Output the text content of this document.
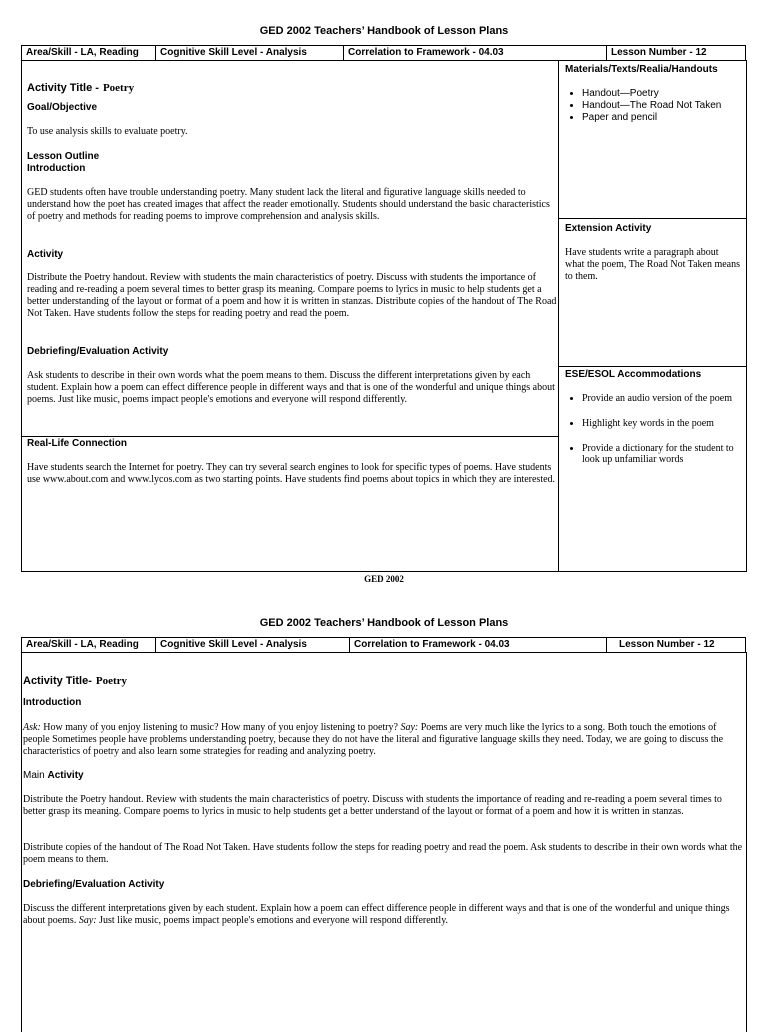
GED 2002 Teachers’ Handbook of Lesson Plans
Area/Skill - LA, Reading	Cognitive Skill Level - Analysis	Correlation to Framework - 04.03	Lesson Number - 12
Activity Title - Poetry
Goal/Objective
To use analysis skills to evaluate poetry.
Lesson Outline
Introduction
GED students often have trouble understanding poetry. Many student lack the literal and figurative language skills needed to understand how the poet has created images that affect the reader emotionally. Students should understand the basic characteristics of poetry and methods for reading poems to improve comprehension and analysis skills.
Activity
Distribute the Poetry handout. Review with students the main characteristics of poetry. Discuss with students the importance of reading and re-reading a poem several times to better grasp its meaning. Compare poems to lyrics in music to help students get a better understanding of the layout or format of a poem and how it is written in stanzas. Distribute copies of the handout of The Road Not Taken. Have students follow the steps for reading poetry and read the poem.
Debriefing/Evaluation Activity
Ask students to describe in their own words what the poem means to them. Discuss the different interpretations given by each student. Explain how a poem can effect difference people in different ways and that is one of the wonderful and unique things about poems. Just like music, poems impact people's emotions and everyone will respond differently.
Real-Life Connection
Have students search the Internet for poetry. They can try several search engines to look for specific types of poems. Have students use www.about.com and www.lycos.com as two starting points. Have students find poems about topics in which they are interested.
Materials/Texts/Realia/Handouts
• Handout—Poetry
• Handout—The Road Not Taken
• Paper and pencil
Extension Activity
Have students write a paragraph about what the poem, The Road Not Taken means to them.
ESE/ESOL Accommodations
• Provide an audio version of the poem
• Highlight key words in the poem
• Provide a dictionary for the student to look up unfamiliar words
GED 2002
GED 2002 Teachers’ Handbook of Lesson Plans
Area/Skill - LA, Reading	Cognitive Skill Level - Analysis	Correlation to Framework - 04.03	Lesson Number - 12
Activity Title- Poetry
Introduction
Ask: How many of you enjoy listening to music? How many of you enjoy listening to poetry? Say: Poems are very much like the lyrics to a song. Both touch the emotions of people Sometimes people have problems understanding poetry, because they do not have the literal and figurative language skills they need. Today, we are going to discuss the characteristics of poetry and also learn some strategies for reading and analyzing poetry.
Main Activity
Distribute the Poetry handout. Review with students the main characteristics of poetry. Discuss with students the importance of reading and re-reading a poem several times to better grasp its meaning. Compare poems to lyrics in music to help students get a better understand of the layout or format of a poem and how it is written in stanzas.
Distribute copies of the handout of The Road Not Taken. Have students follow the steps for reading poetry and read the poem. Ask students to describe in their own words what the poem means to them.
Debriefing/Evaluation Activity
Discuss the different interpretations given by each student. Explain how a poem can effect difference people in different ways and that is one of the wonderful and unique things about poems. Say: Just like music, poems impact people's emotions and everyone will respond differently.
